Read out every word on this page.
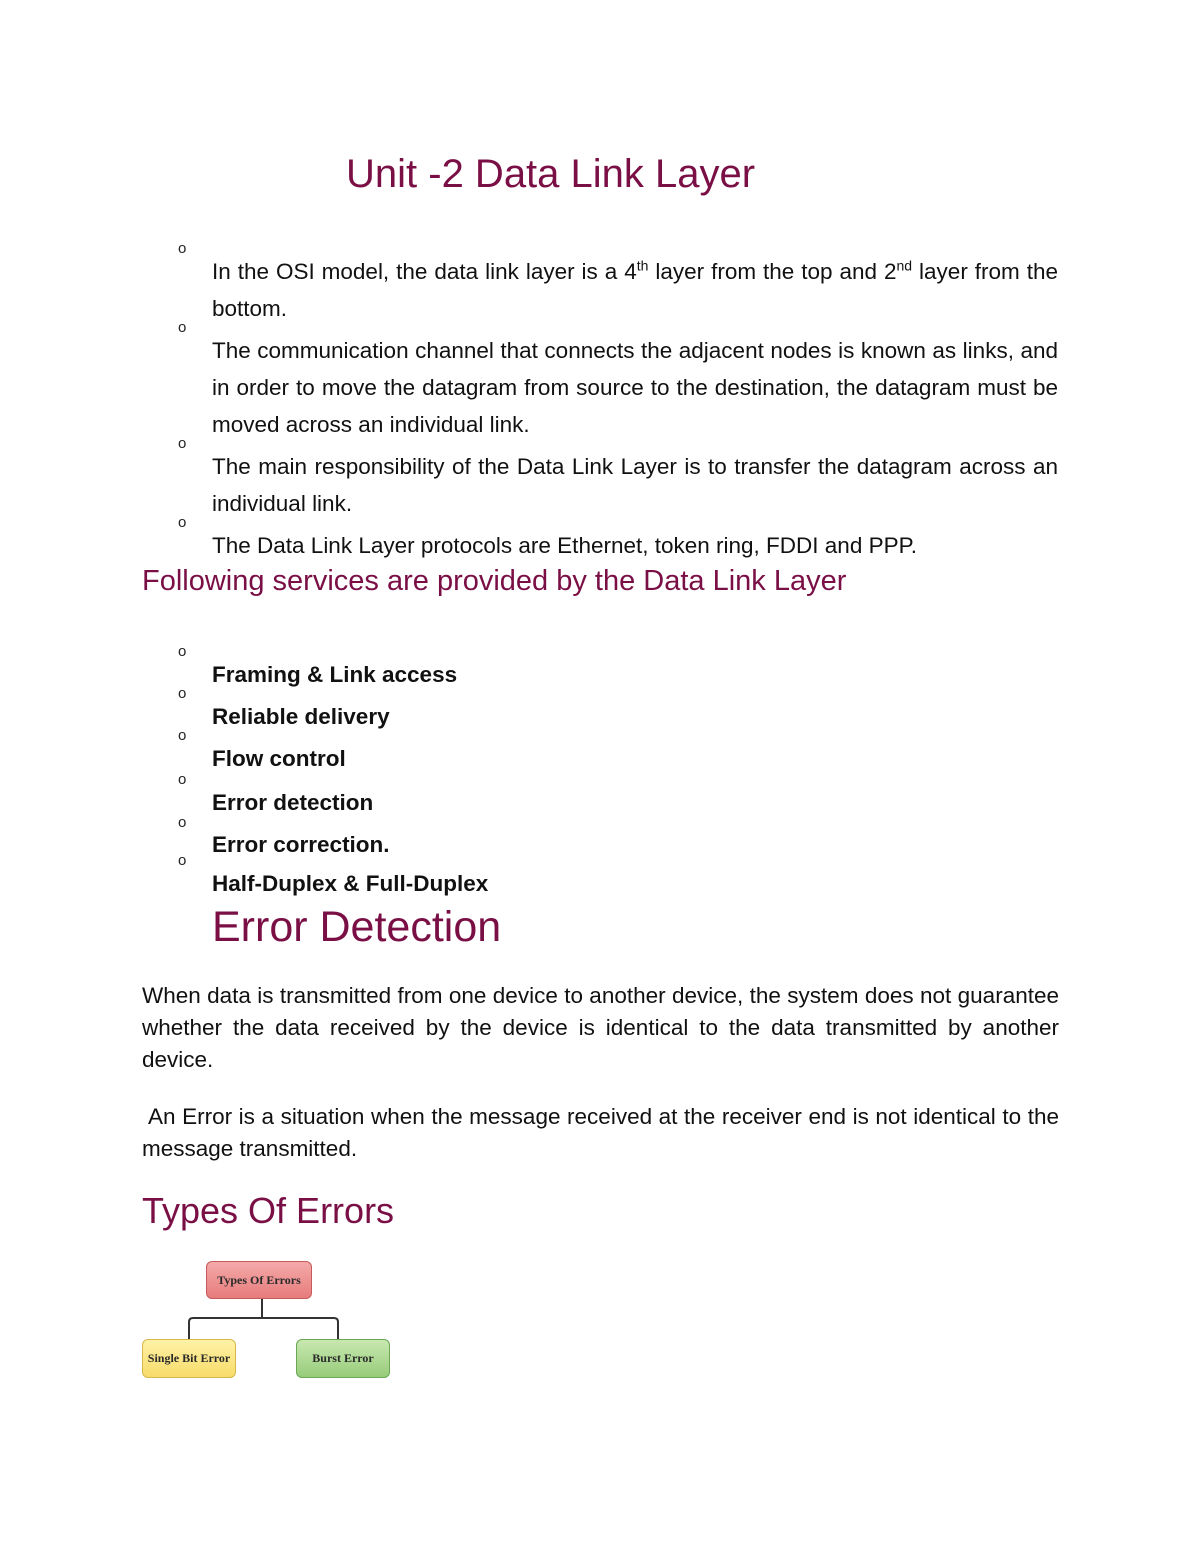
Unit -2 Data Link Layer
o

In the OSI model, the data link layer is a 4th layer from the top and 2nd layer from the bottom.

o

The communication channel that connects the adjacent nodes is known as links, and in order to move the datagram from source to the destination, the datagram must be moved across an individual link.

o

The main responsibility of the Data Link Layer is to transfer the datagram across an individual link.

o

The Data Link Layer protocols are Ethernet, token ring, FDDI and PPP.

Following services are provided by the Data Link Layer
o

Framing & Link access

o

Reliable delivery

o

Flow control

o

Error detection

o

Error correction.

o

Half-Duplex & Full-Duplex

Error Detection

When data is transmitted from one device to another device, the system does not guarantee whether the data received by the device is identical to the data transmitted by another device.

An Error is a situation when the message received at the receiver end is not identical to the message transmitted.

Types Of Errors
Types Of Errors
Single Bit Error	Burst Error
